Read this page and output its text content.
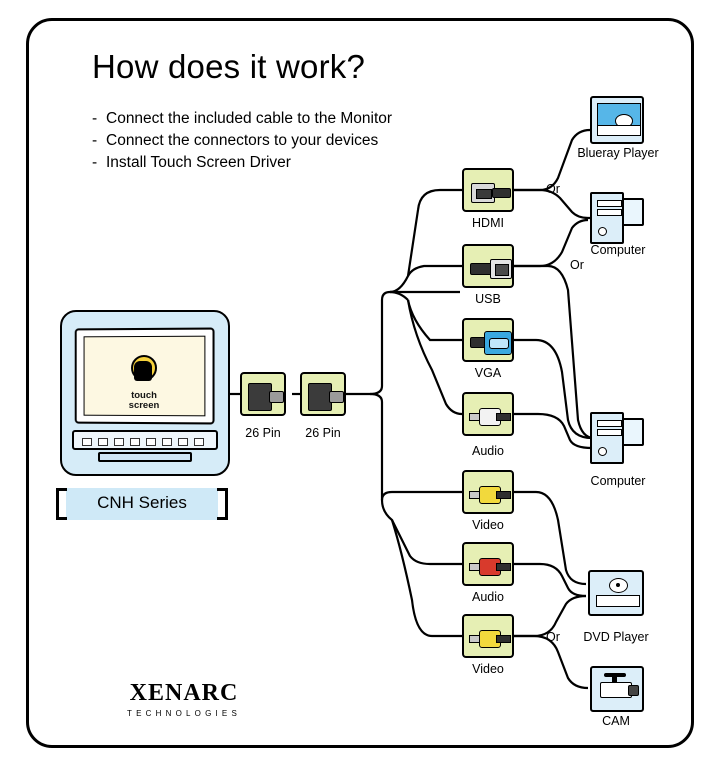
How does it work?
- Connect the included cable to the Monitor
- Connect the connectors to your devices
- Install Touch Screen Driver
touch
screen
CNH Series
26 Pin	26 Pin
HDMI
USB
VGA
Audio
Video
Audio
Video
Or
Or
Or
Blueray Player
Computer
Computer
DVD Player
CAM
XENARC
TECHNOLOGIES
